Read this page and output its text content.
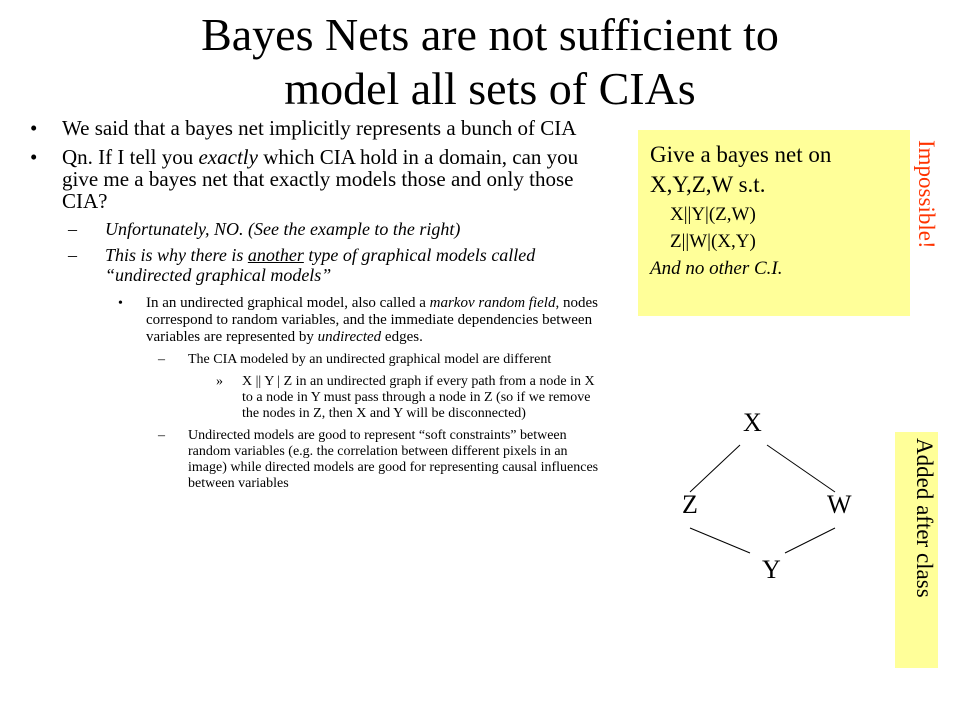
Bayes Nets are not sufficient to
model all sets of CIAs
• We said that a bayes net implicitly represents a bunch of CIA
• Qn. If I tell you exactly which CIA hold in a domain, can you give me a bayes net that exactly models those and only those CIA?
– Unfortunately, NO. (See the example to the right)
– This is why there is another type of graphical models called “undirected graphical models”
• In an undirected graphical model, also called a markov random field, nodes correspond to random variables, and the immediate dependencies between variables are represented by undirected edges.
– The CIA modeled by an undirected graphical model are different
» X || Y | Z in an undirected graph if every path from a node in X to a node in Y must pass through a node in Z (so if we remove the nodes in Z, then X and Y will be disconnected)
– Undirected models are good to represent “soft constraints” between random variables (e.g. the correlation between different pixels in an image) while directed models are good for representing causal influences between variables
Give a bayes net on
X,Y,Z,W s.t.
X||Y|(Z,W)
Z||W|(X,Y)
And no other C.I.
Impossible!
Added after class
X
Z	W
Y
